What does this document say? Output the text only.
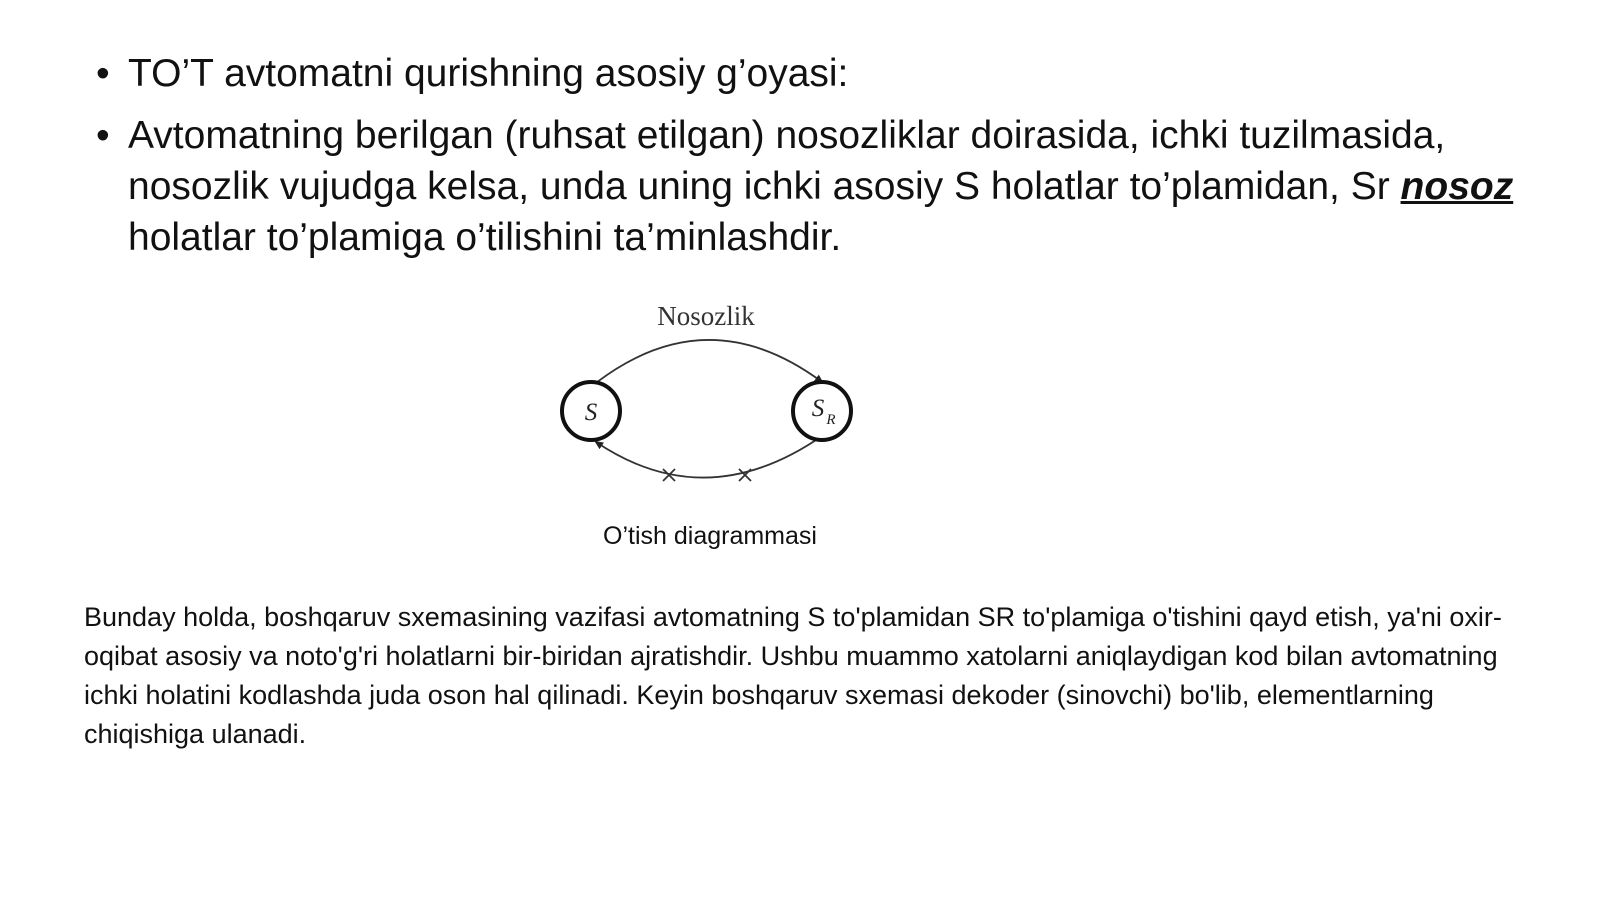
• TO’T avtomatni qurishning asosiy g’oyasi:
• Avtomatning berilgan (ruhsat etilgan) nosozliklar doirasida, ichki tuzilmasida, nosozlik vujudga kelsa, unda uning ichki asosiy S holatlar to’plamidan, Sr nosoz holatlar to’plamiga o’tilishini ta’minlashdir.
Nosozlik
S	S R
O’tish diagrammasi

Bunday holda, boshqaruv sxemasining vazifasi avtomatning S to'plamidan SR to'plamiga o'tishini qayd etish, ya'ni oxir-oqibat asosiy va noto'g'ri holatlarni bir-biridan ajratishdir. Ushbu muammo xatolarni aniqlaydigan kod bilan avtomatning ichki holatini kodlashda juda oson hal qilinadi. Keyin boshqaruv sxemasi dekoder (sinovchi) bo'lib, elementlarning chiqishiga ulanadi.
